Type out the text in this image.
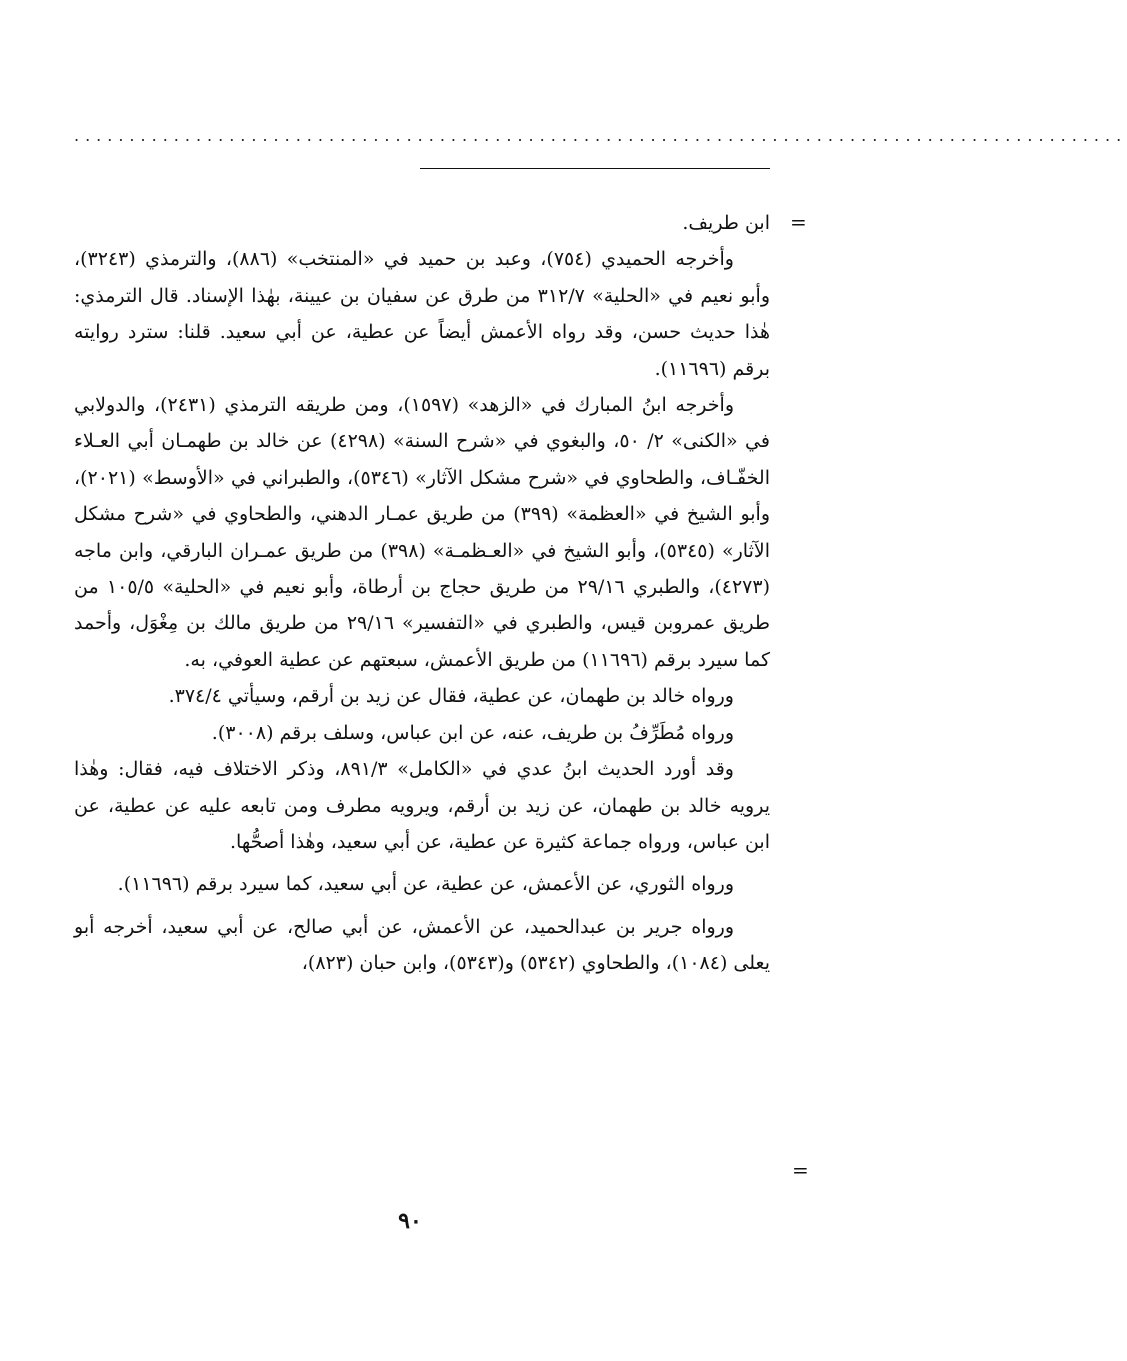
...............................................................................................
=
=

ابن طريف.

وأخرجه الحميدي (٧٥٤)، وعبد بن حميد في «المنتخب» (٨٨٦)، والترمذي (٣٢٤٣)، وأبو نعيم في «الحلية» ٣١٢/٧ من طرق عن سفيان بن عيينة، بهٰذا الإسناد. قال الترمذي: هٰذا حديث حسن، وقد رواه الأعمش أيضاً عن عطية، عن أبي سعيد. قلنا: سترد روايته برقم (١١٦٩٦).

وأخرجه ابنُ المبارك في «الزهد» (١٥٩٧)، ومن طريقه الترمذي (٢٤٣١)، والدولابي في «الكنى» ٢/ ٥٠، والبغوي في «شرح السنة» (٤٢٩٨) عن خالد بن طهمـان أبي العـلاء الخفّـاف، والطحاوي في «شرح مشكل الآثار» (٥٣٤٦)، والطبراني في «الأوسط» (٢٠٢١)، وأبو الشيخ في «العظمة» (٣٩٩) من طريق عمـار الدهني، والطحاوي في «شرح مشكل الآثار» (٥٣٤٥)، وأبو الشيخ في «العـظمـة» (٣٩٨) من طريق عمـران البارقي، وابن ماجه (٤٢٧٣)، والطبري ٢٩/١٦ من طريق حجاج بن أرطاة، وأبو نعيم في «الحلية» ١٠٥/٥ من طريق عمروبن قيس، والطبري في «التفسير» ٢٩/١٦ من طريق مالك بن مِغْوَل، وأحمد كما سيرد برقم (١١٦٩٦) من طريق الأعمش، سبعتهم عن عطية العوفي، به.

ورواه خالد بن طهمان، عن عطية، فقال عن زيد بن أرقم، وسيأتي ٣٧٤/٤.

ورواه مُطَرِّفُ بن طريف، عنه، عن ابن عباس، وسلف برقم (٣٠٠٨).

وقد أورد الحديث ابنُ عدي في «الكامل» ٨٩١/٣، وذكر الاختلاف فيه، فقال: وهٰذا يرويه خالد بن طهمان، عن زيد بن أرقم، ويرويه مطرف ومن تابعه عليه عن عطية، عن ابن عباس، ورواه جماعة كثيرة عن عطية، عن أبي سعيد، وهٰذا أصحُّها.

ورواه الثوري، عن الأعمش، عن عطية، عن أبي سعيد، كما سيرد برقم (١١٦٩٦).

ورواه جرير بن عبدالحميد، عن الأعمش، عن أبي صالح، عن أبي سعيد، أخرجه أبو يعلى (١٠٨٤)، والطحاوي (٥٣٤٢) و(٥٣٤٣)، وابن حبان (٨٢٣)،

٩٠
